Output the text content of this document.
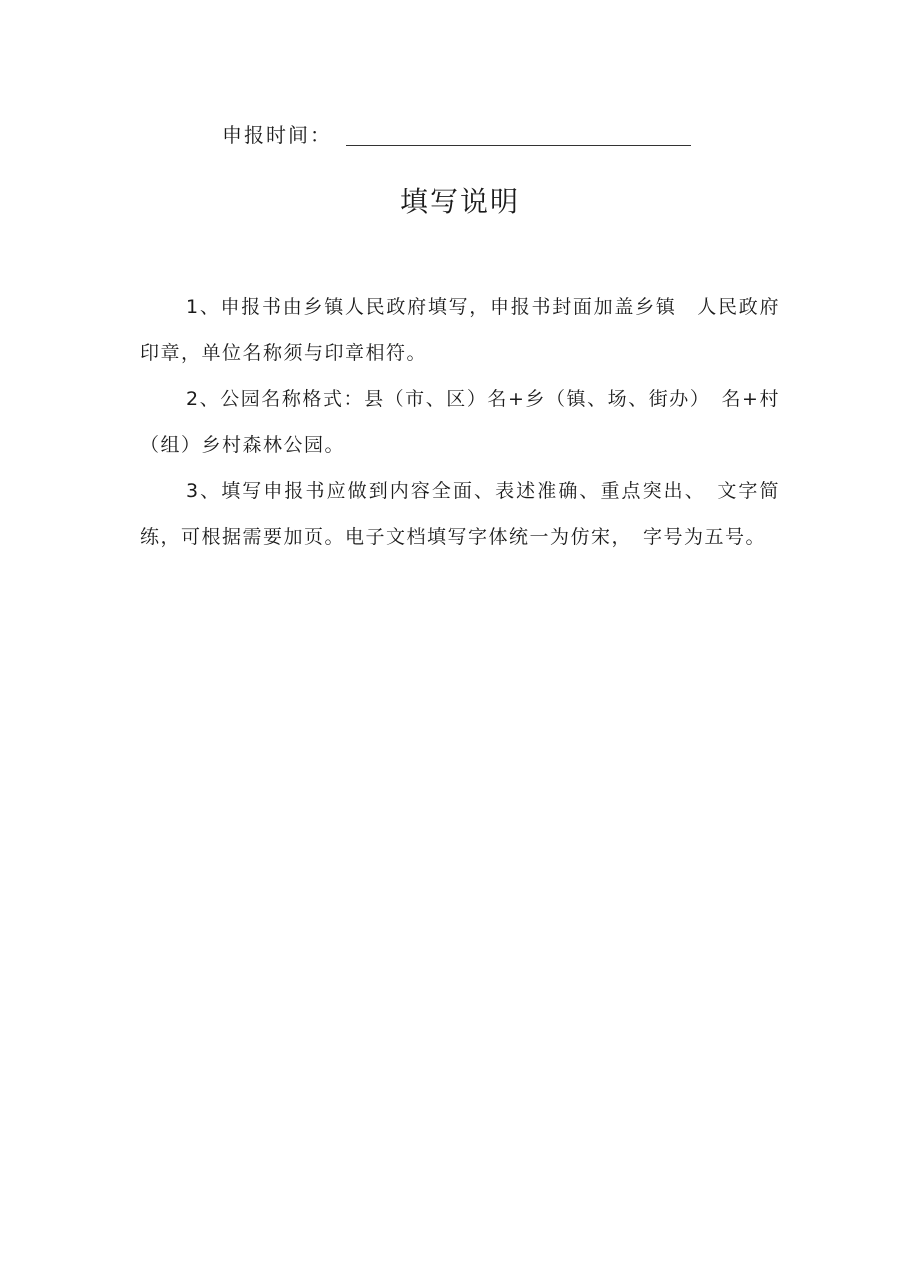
申报时间：
填写说明

1、申报书由乡镇人民政府填写，申报书封面加盖乡镇　人民政府印章，单位名称须与印章相符。

2、公园名称格式：县（市、区）名+乡（镇、场、街办）　名+村（组）乡村森林公园。

3、填写申报书应做到内容全面、表述准确、重点突出、　文字简练，可根据需要加页。电子文档填写字体统一为仿宋，　字号为五号。
